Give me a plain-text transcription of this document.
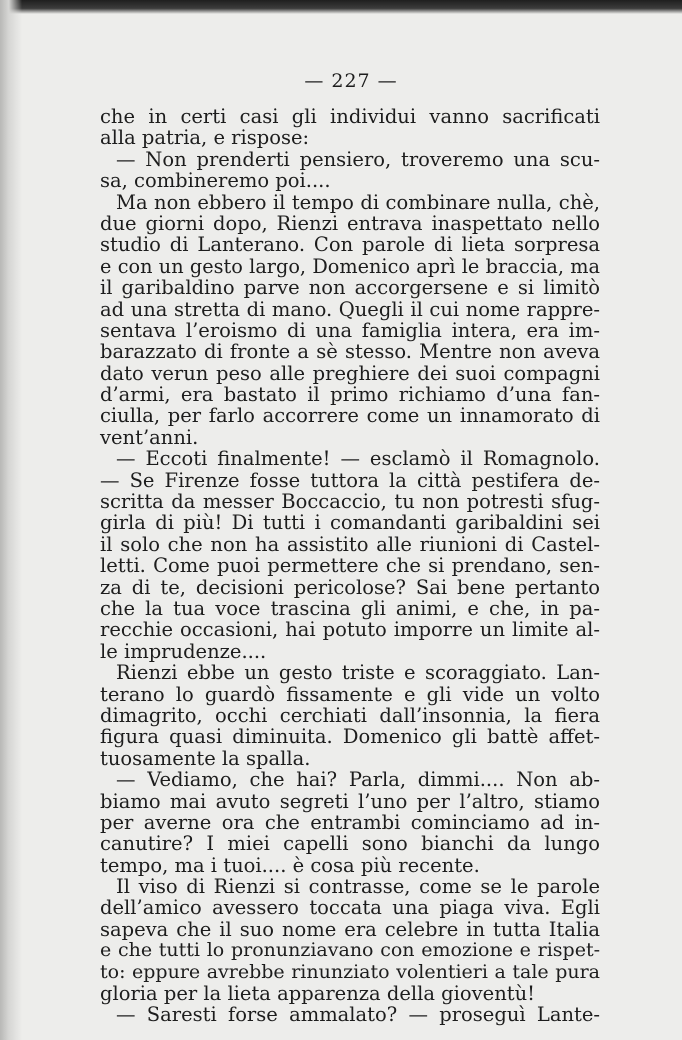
— 227 —
che in certi casi gli individui vanno sacrificati
alla patria, e rispose:
— Non prenderti pensiero, troveremo una scu-
sa, combineremo poi....
Ma non ebbero il tempo di combinare nulla, chè,
due giorni dopo, Rienzi entrava inaspettato nello
studio di Lanterano. Con parole di lieta sorpresa
e con un gesto largo, Domenico aprì le braccia, ma
il garibaldino parve non accorgersene e si limitò
ad una stretta di mano. Quegli il cui nome rappre-
sentava l’eroismo di una famiglia intera, era im-
barazzato di fronte a sè stesso. Mentre non aveva
dato verun peso alle preghiere dei suoi compagni
d’armi, era bastato il primo richiamo d’una fan-
ciulla, per farlo accorrere come un innamorato di
vent’anni.
— Eccoti finalmente! — esclamò il Romagnolo.
— Se Firenze fosse tuttora la città pestifera de-
scritta da messer Boccaccio, tu non potresti sfug-
girla di più! Di tutti i comandanti garibaldini sei
il solo che non ha assistito alle riunioni di Castel-
letti. Come puoi permettere che si prendano, sen-
za di te, decisioni pericolose? Sai bene pertanto
che la tua voce trascina gli animi, e che, in pa-
recchie occasioni, hai potuto imporre un limite al-
le imprudenze....
Rienzi ebbe un gesto triste e scoraggiato. Lan-
terano lo guardò fissamente e gli vide un volto
dimagrito, occhi cerchiati dall’insonnia, la fiera
figura quasi diminuita. Domenico gli battè affet-
tuosamente la spalla.
— Vediamo, che hai? Parla, dimmi.... Non ab-
biamo mai avuto segreti l’uno per l’altro, stiamo
per averne ora che entrambi cominciamo ad in-
canutire? I miei capelli sono bianchi da lungo
tempo, ma i tuoi.... è cosa più recente.
Il viso di Rienzi si contrasse, come se le parole
dell’amico avessero toccata una piaga viva. Egli
sapeva che il suo nome era celebre in tutta Italia
e che tutti lo pronunziavano con emozione e rispet-
to: eppure avrebbe rinunziato volentieri a tale pura
gloria per la lieta apparenza della gioventù!
— Saresti forse ammalato? — proseguì Lante-
